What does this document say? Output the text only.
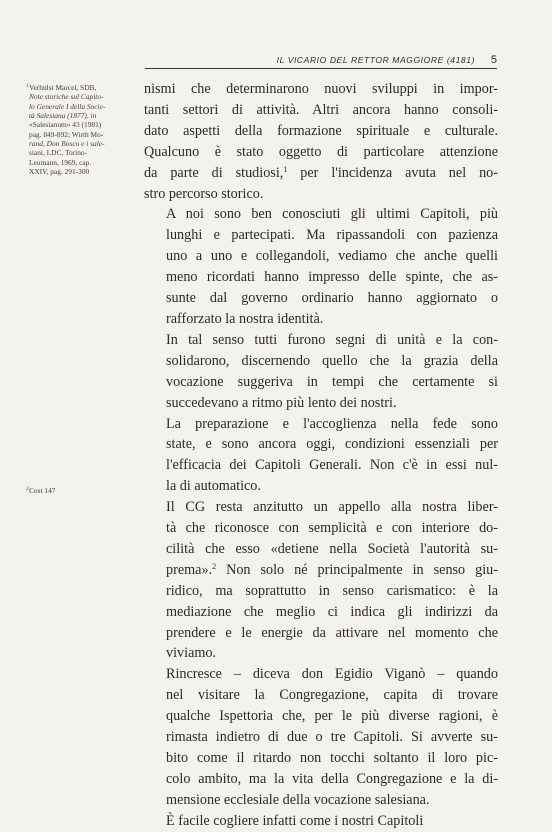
IL VICARIO DEL RETTOR MAGGIORE (4181) 5
1 Verhulst Marcel, SDB,
Note storiche sul Capito-
lo Generale I della Socie-
tà Salesiana (1877), in
«Salesianum» 43 (1981)
pag. 849-892; Wirth Mo-
rand, Don Bosco e i sale-
siani, LDC, Torino-
Leumann, 1969, cap.
XXIV, pag. 291-300
2 Cost 147

nismi che determinarono nuovi sviluppi in impor-
tanti settori di attività. Altri ancora hanno consoli-
dato aspetti della formazione spirituale e culturale.
Qualcuno è stato oggetto di particolare attenzione
da parte di studiosi,$^1$ per l'incidenza avuta nel no-
stro percorso storico.

A noi sono ben conosciuti gli ultimi Capitoli, più
lunghi e partecipati. Ma ripassandoli con pazienza
uno a uno e collegandoli, vediamo che anche quelli
meno ricordati hanno impresso delle spinte, che as-
sunte dal governo ordinario hanno aggiornato o
rafforzato la nostra identità.

In tal senso tutti furono segni di unità e la con-
solidarono, discernendo quello che la grazia della
vocazione suggeriva in tempi che certamente si
succedevano a ritmo più lento dei nostri.

La preparazione e l'accoglienza nella fede sono
state, e sono ancora oggi, condizioni essenziali per
l'efficacia dei Capitoli Generali. Non c'è in essi nul-
la di automatico.

Il CG resta anzitutto un appello alla nostra liber-
tà che riconosce con semplicità e con interiore do-
cilità che esso «detiene nella Società l'autorità su-
prema».$^2$ Non solo né principalmente in senso giu-
ridico, ma soprattutto in senso carismatico: è la
mediazione che meglio ci indica gli indirizzi da
prendere e le energie da attivare nel momento che
viviamo.

Rincresce – diceva don Egidio Viganò – quando
nel visitare la Congregazione, capita di trovare
qualche Ispettoria che, per le più diverse ragioni, è
rimasta indietro di due o tre Capitoli. Si avverte su-
bito come il ritardo non tocchi soltanto il loro pic-
colo ambito, ma la vita della Congregazione e la di-
mensione ecclesiale della vocazione salesiana.

È facile cogliere infatti come i nostri Capitoli
